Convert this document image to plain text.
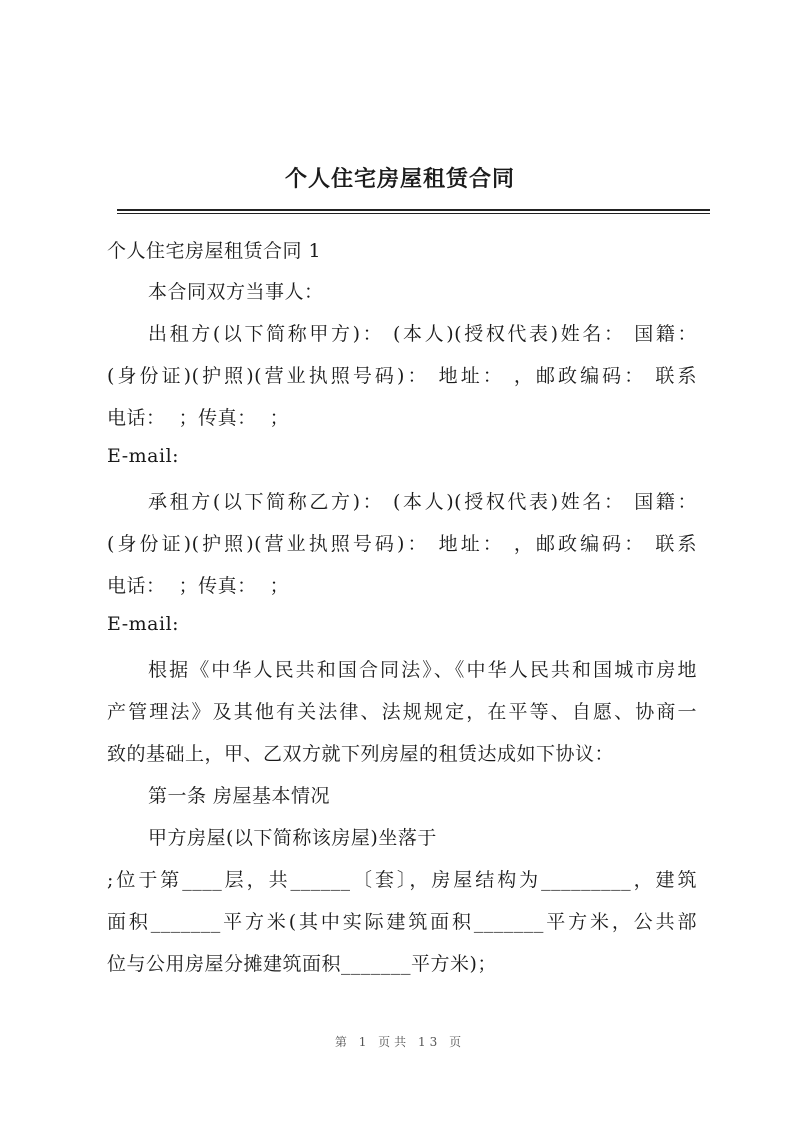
个人住宅房屋租赁合同
个人住宅房屋租赁合同 1
本合同双方当事人：
出租方(以下简称甲方)： (本人)(授权代表)姓名： 国籍：
(身份证)(护照)(营业执照号码)： 地址： ，邮政编码： 联系
电话：  ；传真：  ；
E-mail:
承租方(以下简称乙方)： (本人)(授权代表)姓名： 国籍：
(身份证)(护照)(营业执照号码)： 地址： ，邮政编码： 联系
电话：  ；传真：  ；
E-mail:
根据《中华人民共和国合同法》、《中华人民共和国城市房地
产管理法》及其他有关法律、法规规定，在平等、自愿、协商一
致的基础上，甲、乙双方就下列房屋的租赁达成如下协议：
第一条 房屋基本情况
甲方房屋(以下简称该房屋)坐落于
;位于第____层，共______〔套〕，房屋结构为_________，建筑
面积_______平方米(其中实际建筑面积_______平方米，公共部
位与公用房屋分摊建筑面积_______平方米)；
第 1 页共 13 页
